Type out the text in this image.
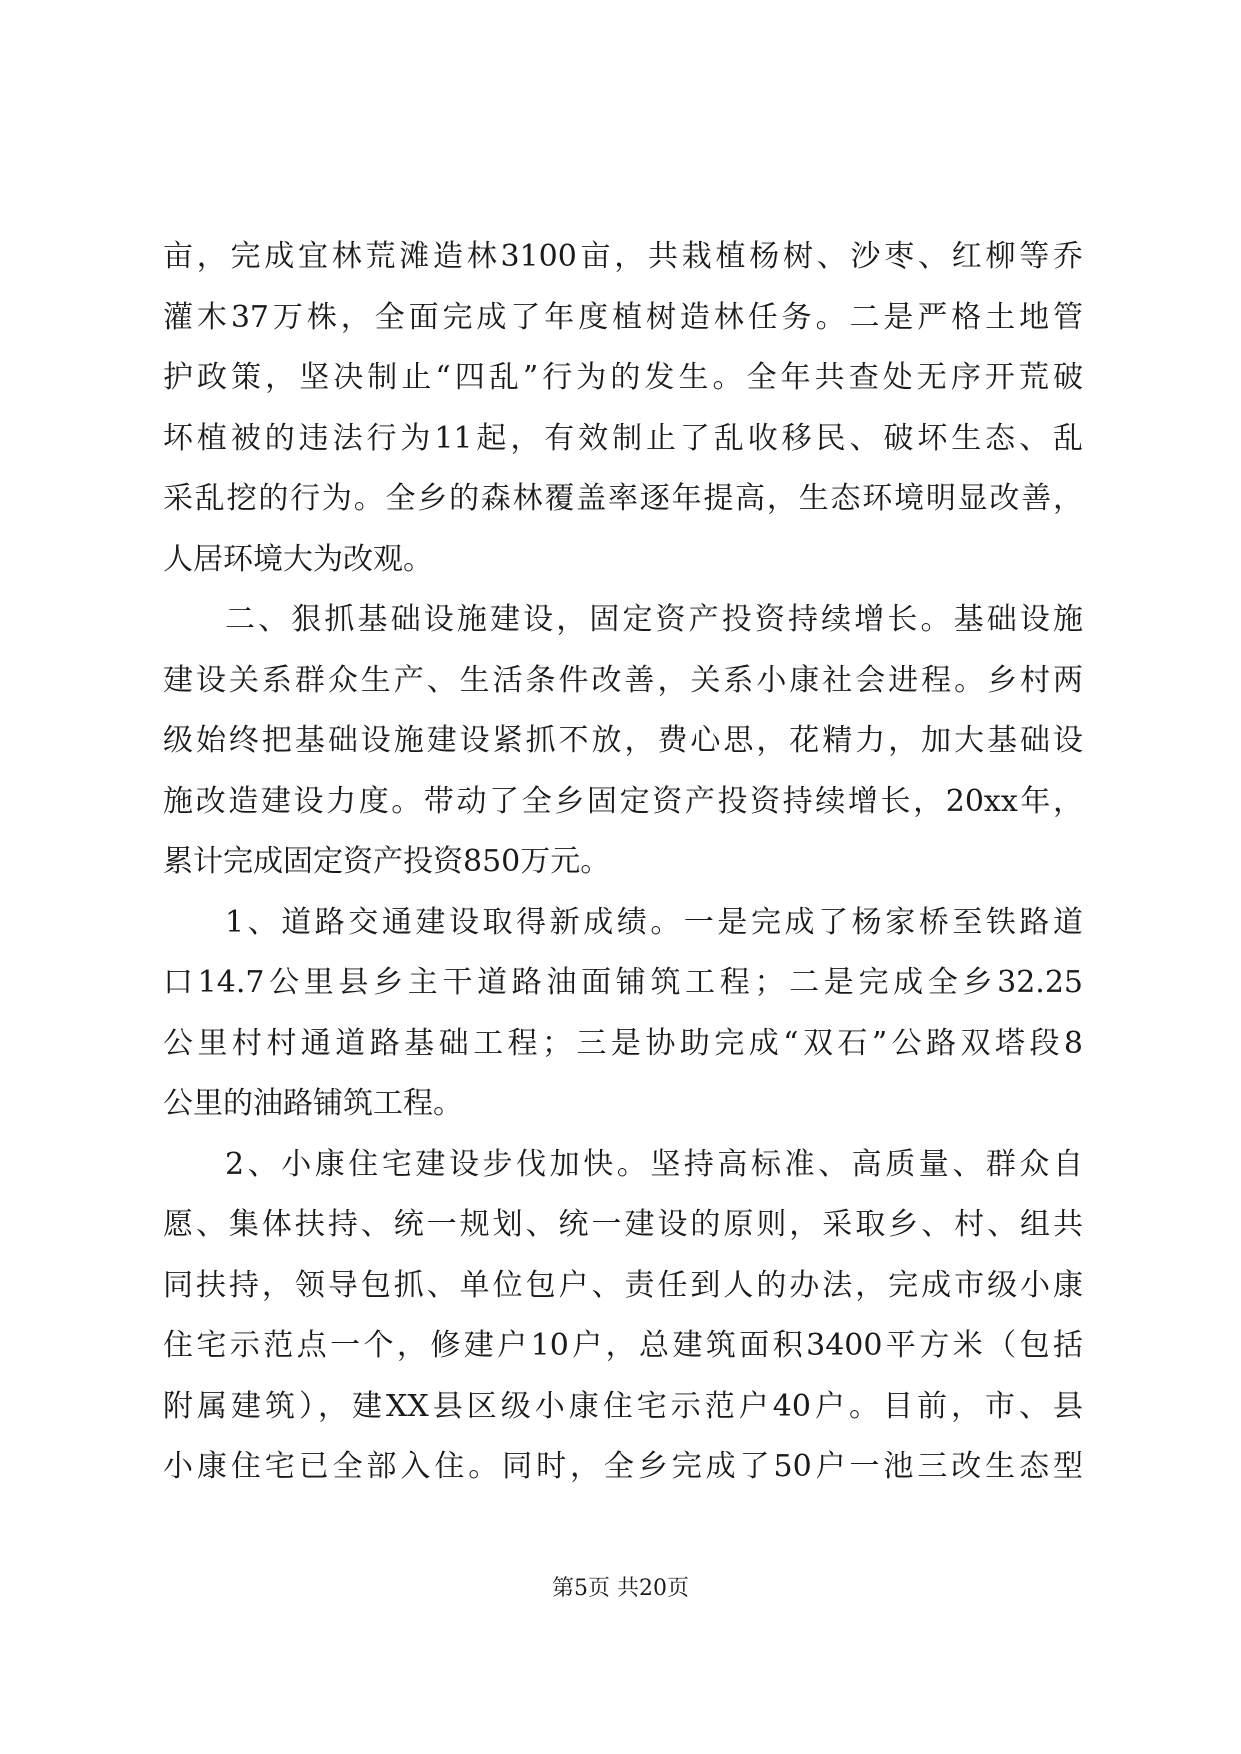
亩，完成宜林荒滩造林3100亩，共栽植杨树、沙枣、红柳等乔
灌木37万株，全面完成了年度植树造林任务。二是严格土地管
护政策，坚决制止“四乱”行为的发生。全年共查处无序开荒破
坏植被的违法行为11起，有效制止了乱收移民、破坏生态、乱
采乱挖的行为。全乡的森林覆盖率逐年提高，生态环境明显改善，
人居环境大为改观。
二、狠抓基础设施建设，固定资产投资持续增长。基础设施
建设关系群众生产、生活条件改善，关系小康社会进程。乡村两
级始终把基础设施建设紧抓不放，费心思，花精力，加大基础设
施改造建设力度。带动了全乡固定资产投资持续增长，20xx年，
累计完成固定资产投资850万元。
1、道路交通建设取得新成绩。一是完成了杨家桥至铁路道
口14.7公里县乡主干道路油面铺筑工程；二是完成全乡32.25
公里村村通道路基础工程；三是协助完成“双石”公路双塔段8
公里的油路铺筑工程。
2、小康住宅建设步伐加快。坚持高标准、高质量、群众自
愿、集体扶持、统一规划、统一建设的原则，采取乡、村、组共
同扶持，领导包抓、单位包户、责任到人的办法，完成市级小康
住宅示范点一个，修建户10户，总建筑面积3400平方米（包括
附属建筑），建XX县区级小康住宅示范户40户。目前，市、县
小康住宅已全部入住。同时，全乡完成了50户一池三改生态型
第5页 共20页
